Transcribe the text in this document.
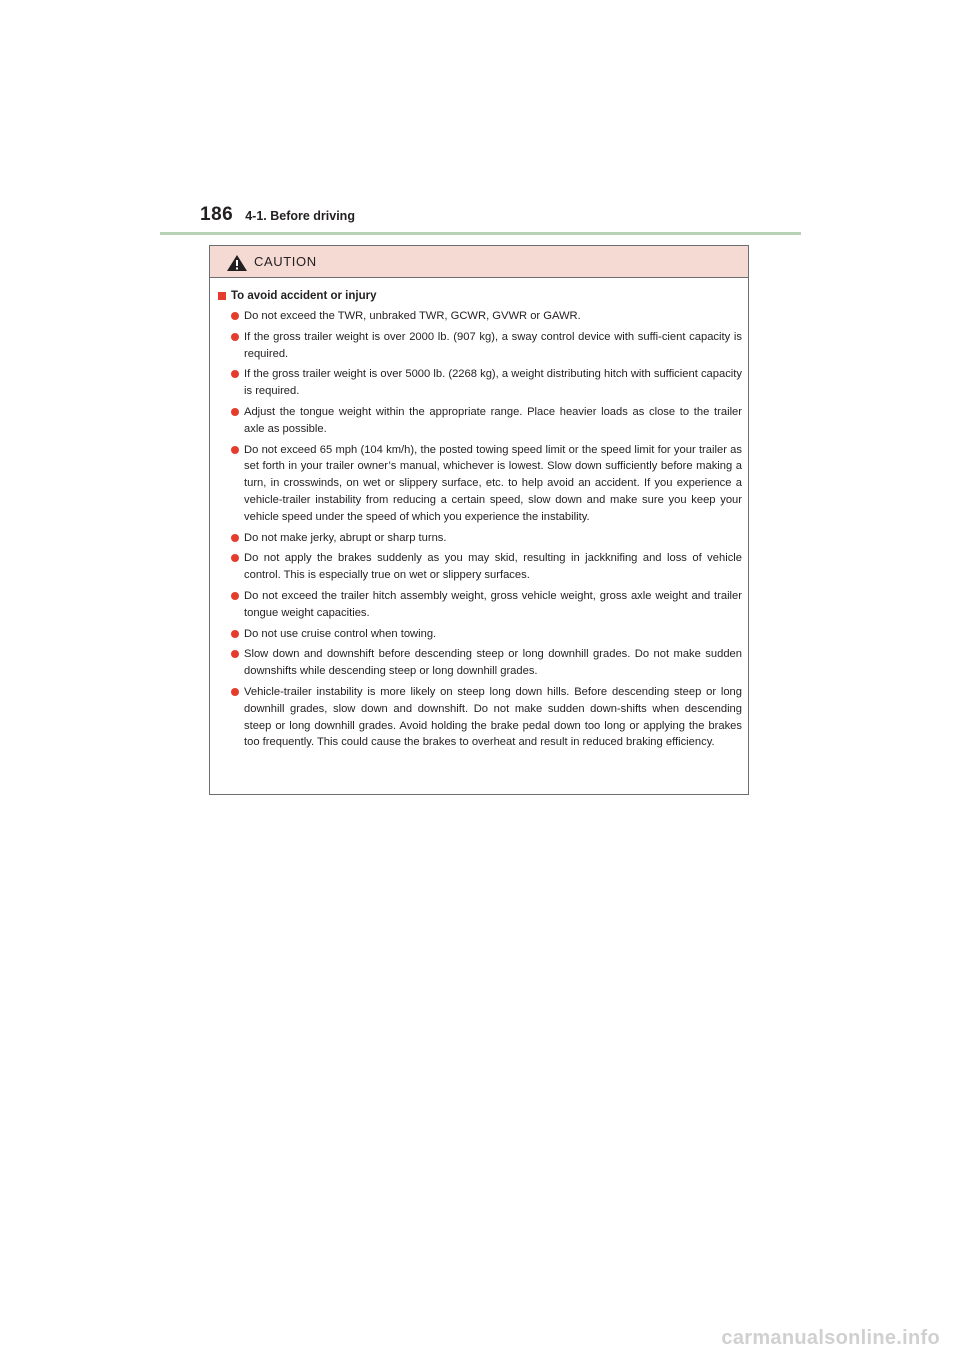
186 4-1. Before driving
CAUTION
To avoid accident or injury
Do not exceed the TWR, unbraked TWR, GCWR, GVWR or GAWR.
If the gross trailer weight is over 2000 lb. (907 kg), a sway control device with suffi-cient capacity is required.
If the gross trailer weight is over 5000 lb. (2268 kg), a weight distributing hitch with sufficient capacity is required.
Adjust the tongue weight within the appropriate range. Place heavier loads as close to the trailer axle as possible.
Do not exceed 65 mph (104 km/h), the posted towing speed limit or the speed limit for your trailer as set forth in your trailer owner’s manual, whichever is lowest. Slow down sufficiently before making a turn, in crosswinds, on wet or slippery surface, etc. to help avoid an accident. If you experience a vehicle-trailer instability from reducing a certain speed, slow down and make sure you keep your vehicle speed under the speed of which you experience the instability.
Do not make jerky, abrupt or sharp turns.
Do not apply the brakes suddenly as you may skid, resulting in jackknifing and loss of vehicle control. This is especially true on wet or slippery surfaces.
Do not exceed the trailer hitch assembly weight, gross vehicle weight, gross axle weight and trailer tongue weight capacities.
Do not use cruise control when towing.
Slow down and downshift before descending steep or long downhill grades. Do not make sudden downshifts while descending steep or long downhill grades.
Vehicle-trailer instability is more likely on steep long down hills. Before descending steep or long downhill grades, slow down and downshift. Do not make sudden down-shifts when descending steep or long downhill grades. Avoid holding the brake pedal down too long or applying the brakes too frequently. This could cause the brakes to overheat and result in reduced braking efficiency.
carmanualsonline.info
